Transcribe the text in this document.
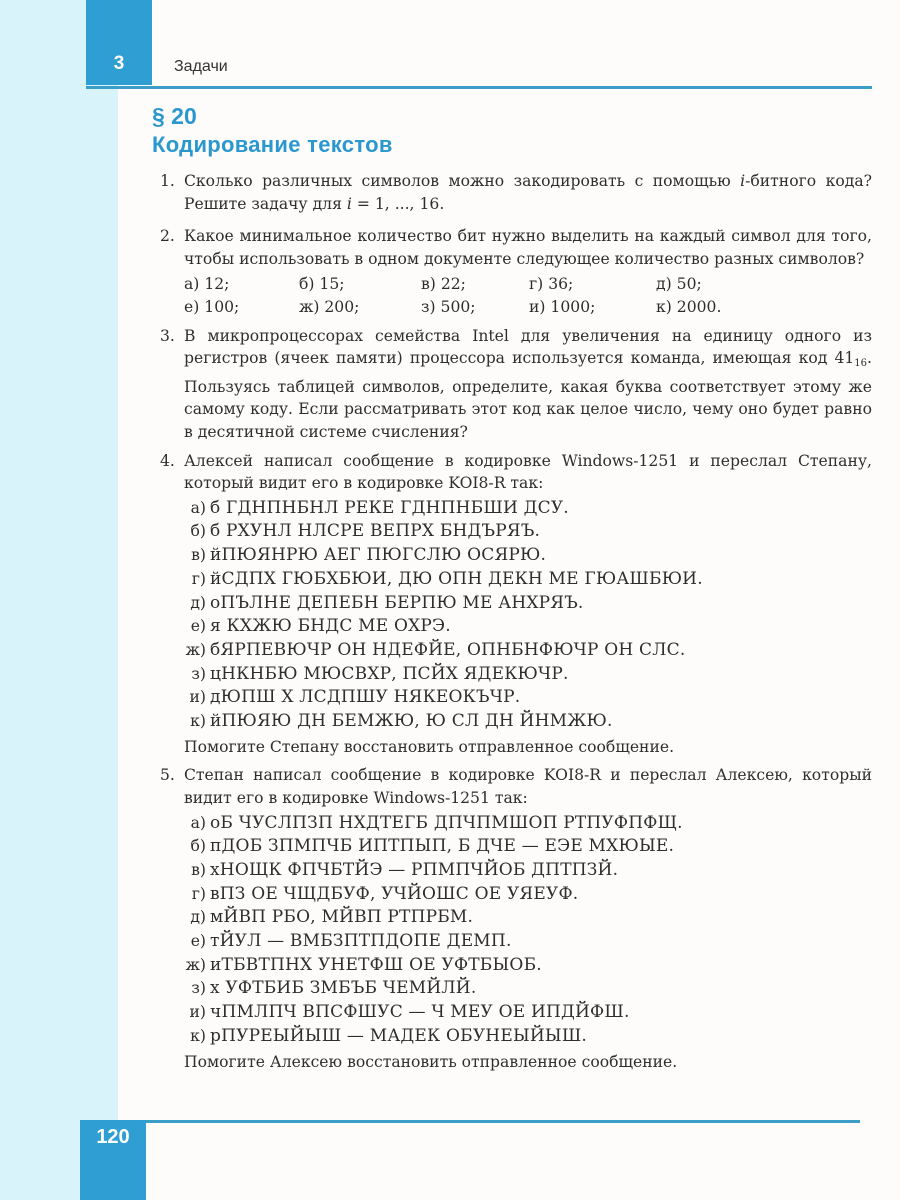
3	Задачи
§ 20
Кодирование текстов
1. Сколько различных символов можно закодировать с помощью i-битного кода? Решите задачу для i = 1, ..., 16.
2. Какое минимальное количество бит нужно выделить на каждый символ для того, чтобы использовать в одном документе следующее количество разных символов?
а) 12;	б) 15;	в) 22;	г) 36;	д) 50;
е) 100;	ж) 200;	з) 500;	и) 1000;	к) 2000.
3. В микропроцессорах семейства Intel для увеличения на единицу одного из регистров (ячеек памяти) процессора используется команда, имеющая код $41_{16}$. Пользуясь таблицей символов, определите, какая буква соответствует этому же самому коду. Если рассматривать этот код как целое число, чему оно будет равно в десятичной системе счисления?
4. Алексей написал сообщение в кодировке Windows-1251 и переслал Степану, который видит его в кодировке KOI8-R так:
а) б ГДНПНБНЛ РЕКЕ ГДНПНБШИ ДСУ.
б) б РХУНЛ НЛСРЕ ВЕПРХ БНДЪРЯЪ.
в) йПЮЯНРЮ АЕГ ПЮГСЛЮ ОСЯРЮ.
г) йСДПХ ГЮБХБЮИ, ДЮ ОПН ДЕКН МЕ ГЮАШБЮИ.
д) оПЪЛНЕ ДЕПЕБН БЕРПЮ МЕ АНХРЯЪ.
е) я КХЖЮ БНДС МЕ ОХРЭ.
ж) бЯРПЕВЮЧР ОН НДЕФЙЕ, ОПНБНФЮЧР ОН СЛС.
з) цНКНБЮ МЮСВХР, ПСЙХ ЯДЕКЮЧР.
и) дЮПШ Х ЛСДПШУ НЯКЕОКЪЧР.
к) йПЮЯЮ ДН БЕМЖЮ, Ю СЛ ДН ЙНМЖЮ.
Помогите Степану восстановить отправленное сообщение.
5. Степан написал сообщение в кодировке KOI8-R и переслал Алексею, который видит его в кодировке Windows-1251 так:
а) оБ ЧУСЛПЗП НХДТЕГБ ДПЧПМШОП РТПУФПФЩ.
б) пДОБ ЗПМПЧБ ИПТПЫП, Б ДЧЕ — ЕЭЕ МХЮЫЕ.
в) хНОЩК ФПЧБТЙЭ — РПМПЧЙОБ ДПТПЗЙ.
г) вПЗ ОЕ ЧЩДБУФ, УЧЙОШС ОЕ УЯЕУФ.
д) мЙВП РБО, МЙВП РТПРБМ.
е) тЙУЛ — ВМБЗПТПДОПЕ ДЕМП.
ж) иТБВТПНХ УНЕТФШ ОЕ УФТБЫОБ.
з) х УФТБИБ ЗМБЪБ ЧЕМЙЛЙ.
и) чПМЛПЧ ВПСФШУС — Ч МЕУ ОЕ ИПДЙФШ.
к) рПУРЕЫЙЫШ — МАДЕК ОБУНЕЫЙЫШ.
Помогите Алексею восстановить отправленное сообщение.
120
